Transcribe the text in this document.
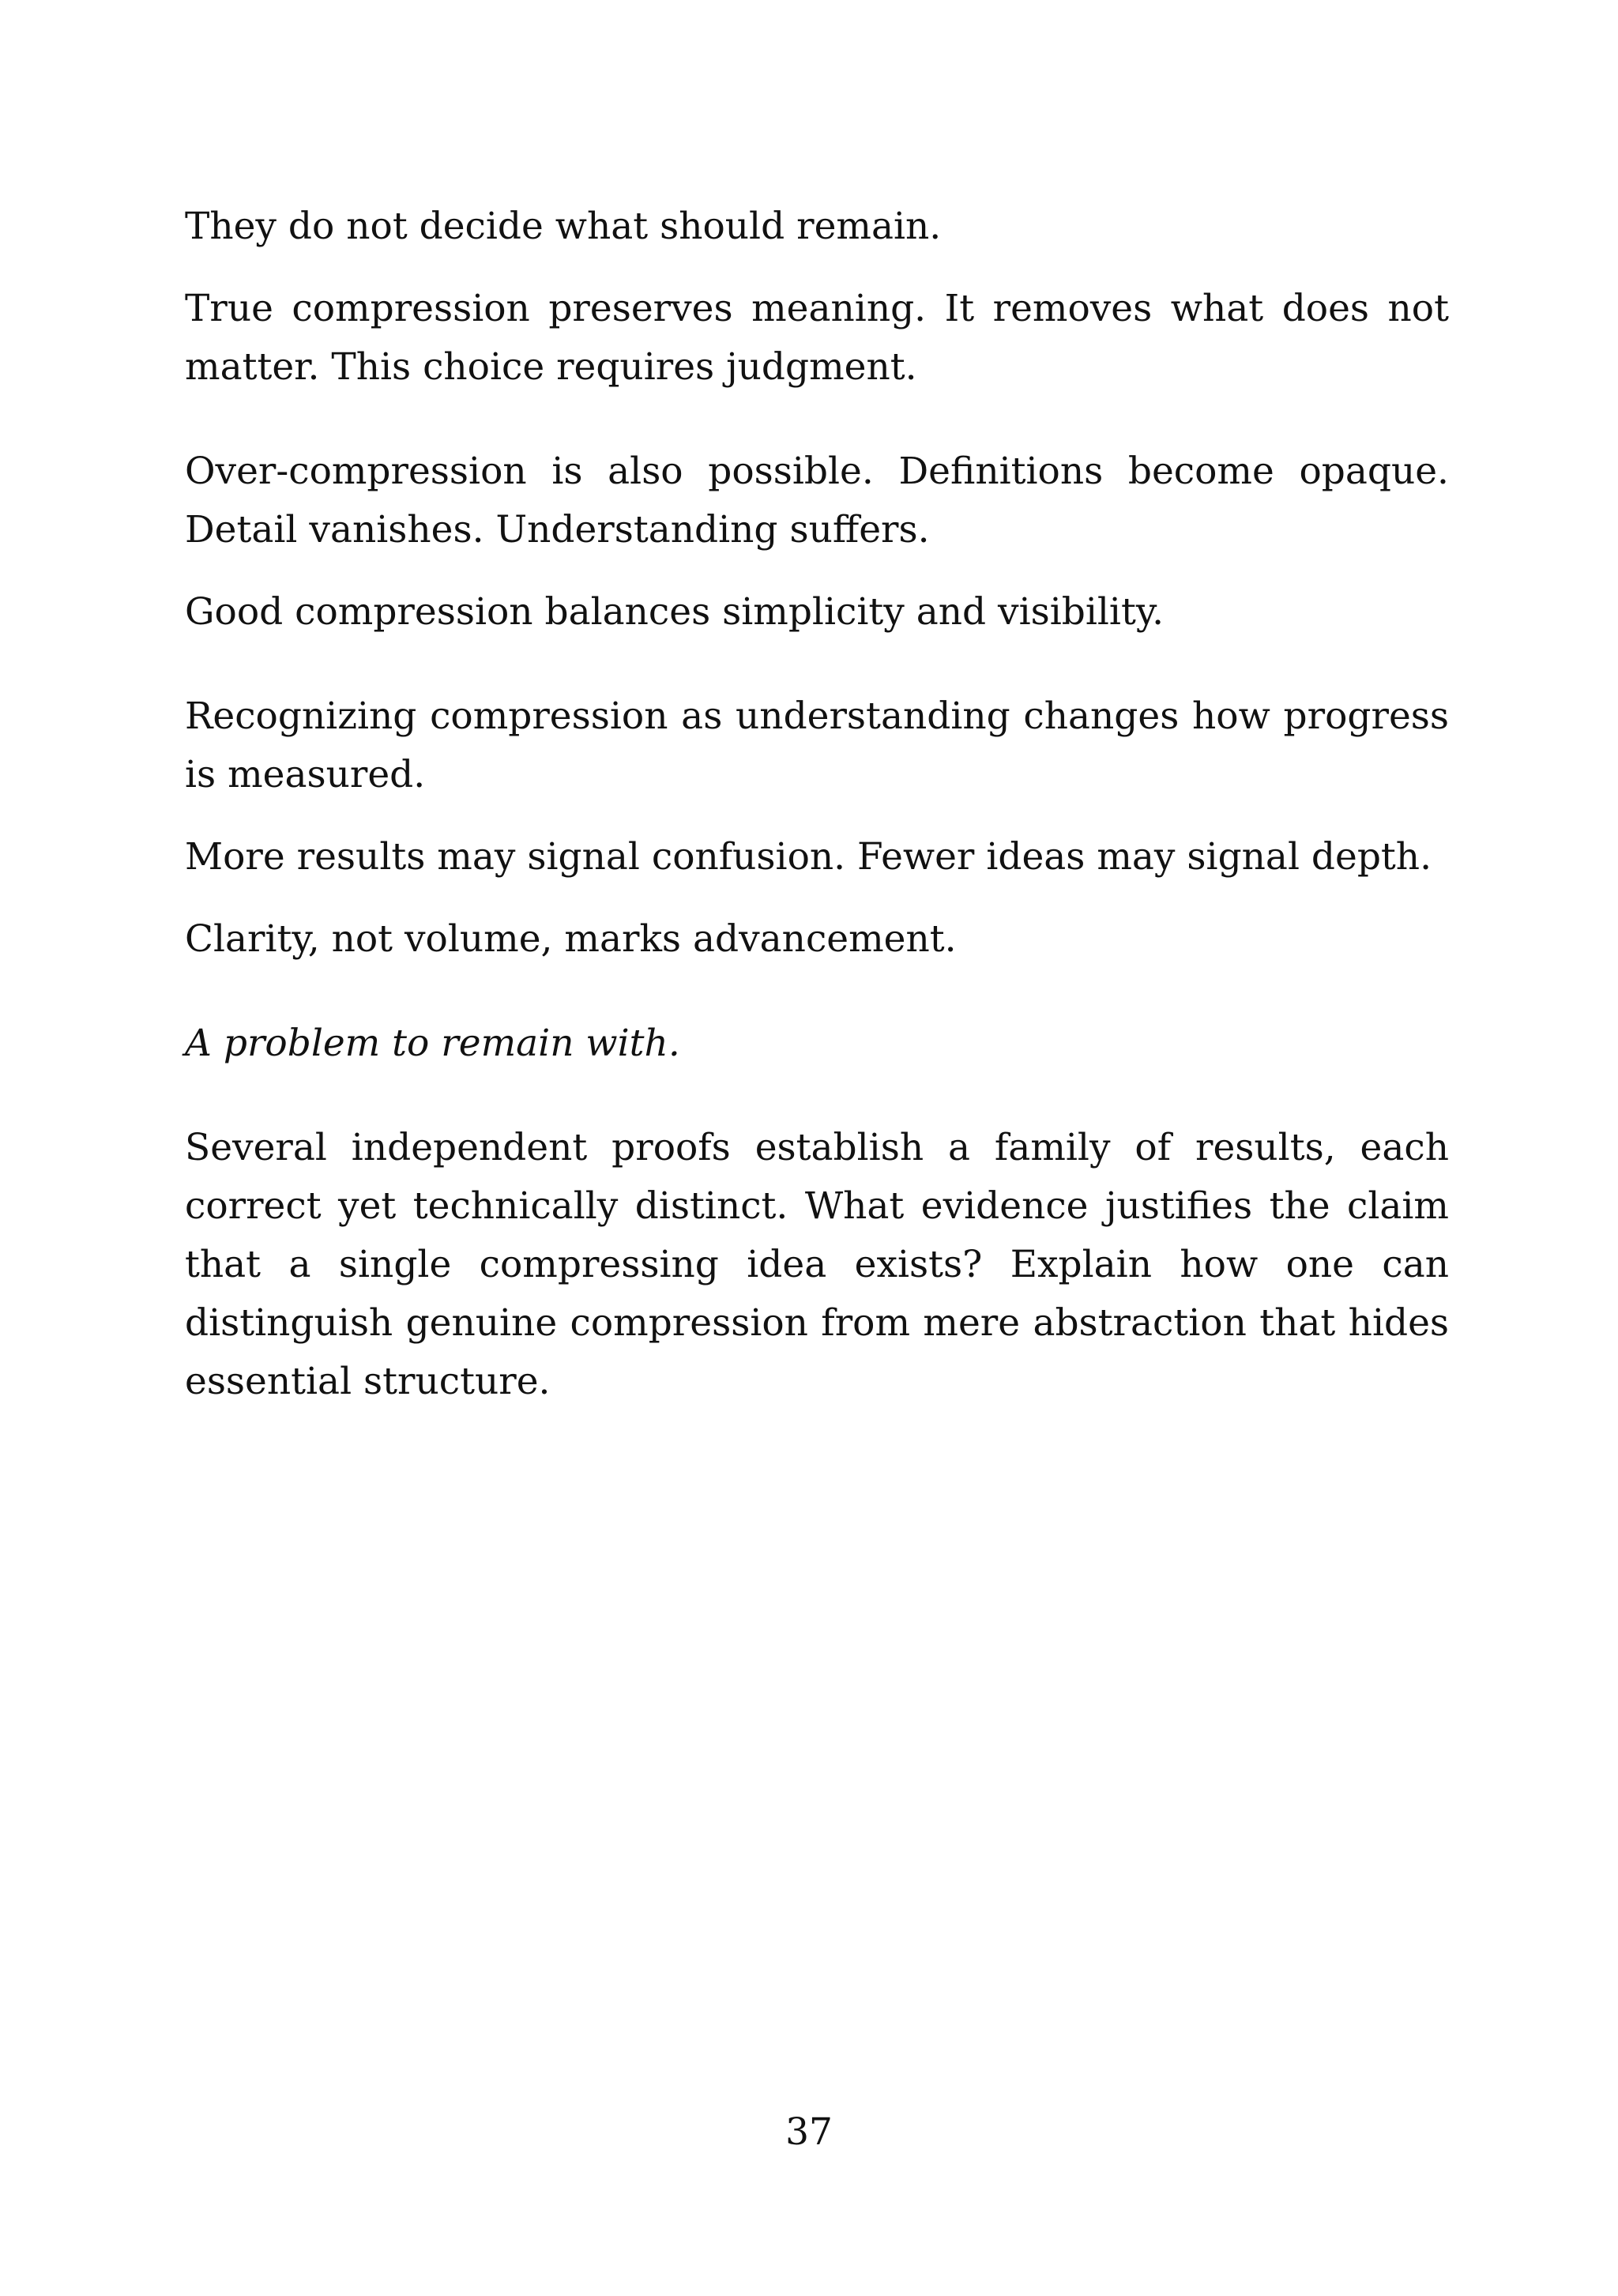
They do not decide what should remain.

True compression preserves meaning. It removes what does not matter. This choice requires judgment.

Over-compression is also possible. Definitions become opaque. Detail vanishes. Understanding suffers.

Good compression balances simplicity and visibility.

Recognizing compression as understanding changes how progress is measured.

More results may signal confusion. Fewer ideas may signal depth.

Clarity, not volume, marks advancement.

A problem to remain with.

Several independent proofs establish a family of results, each correct yet technically distinct. What evidence justifies the claim that a single compressing idea exists? Explain how one can distinguish genuine compression from mere abstraction that hides essential structure.

37
